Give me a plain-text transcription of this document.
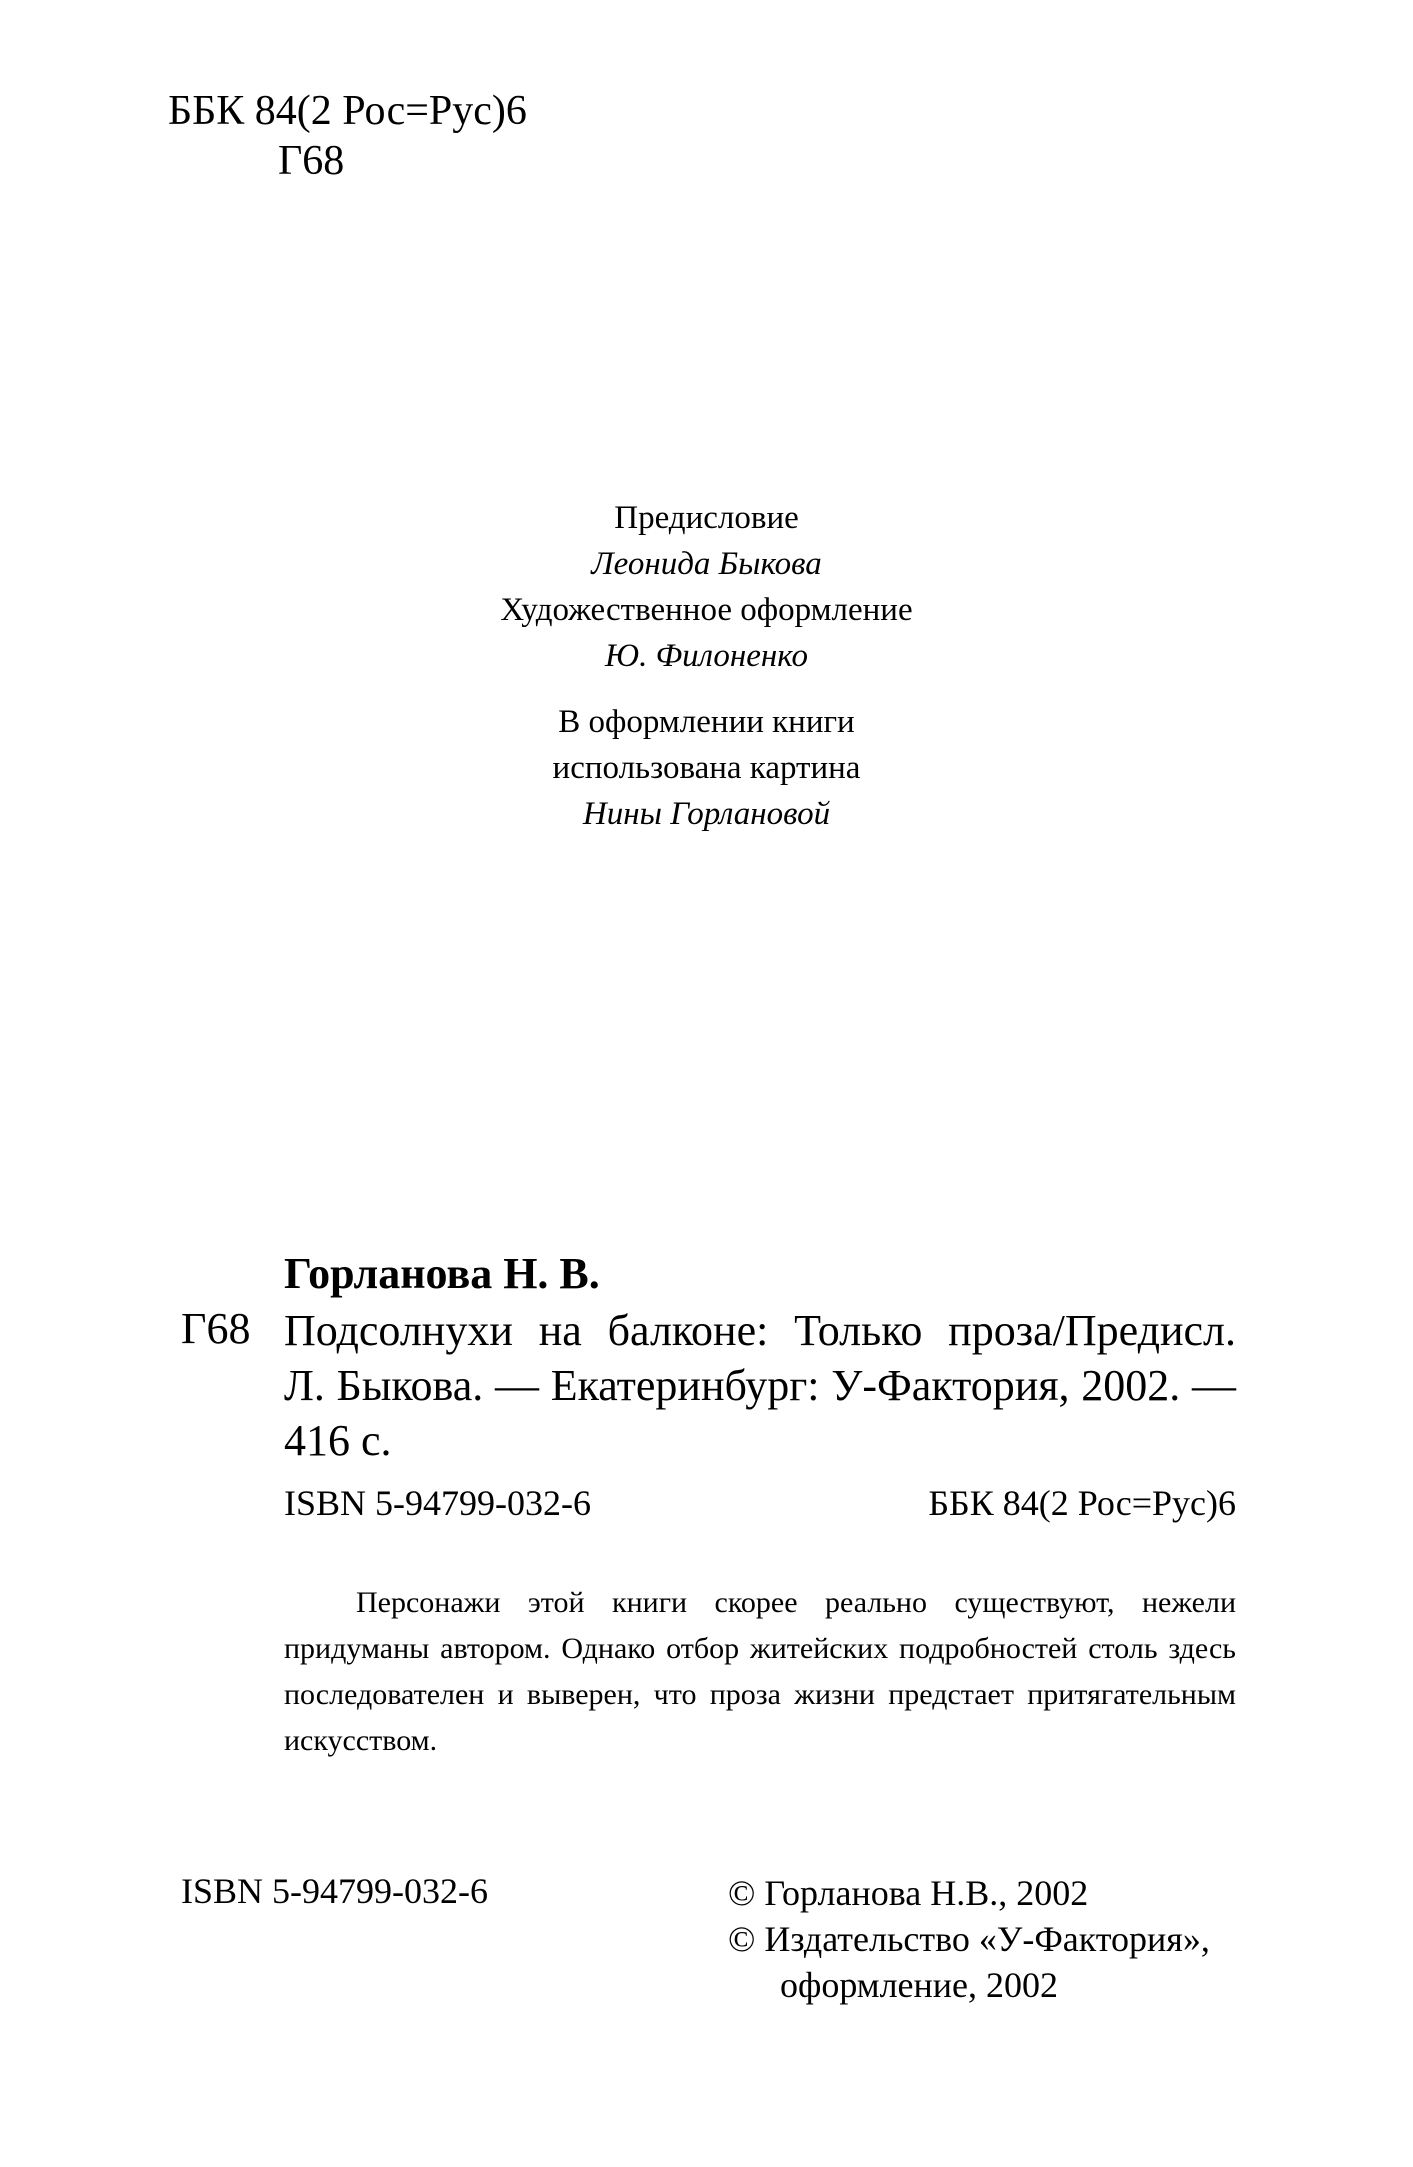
ББК 84(2 Рос=Рус)6
Г68
Предисловие
Леонида Быкова
Художественное оформление
Ю. Филоненко
В оформлении книги
использована картина
Нины Горлановой
Горланова Н. В.
Г68 Подсолнухи на балконе: Только проза/Предисл.
Л. Быкова. — Екатеринбург: У-Фактория, 2002. —
416 с.
ISBN 5-94799-032-6	ББК 84(2 Рос=Рус)6
Персонажи этой книги скорее реально существуют, нежели придуманы автором. Однако отбор житейских подробностей столь здесь последователен и выверен, что проза жизни предстает притягательным искусством.
ISBN 5-94799-032-6	© Горланова Н.В., 2002
© Издательство «У-Фактория»,
оформление, 2002
